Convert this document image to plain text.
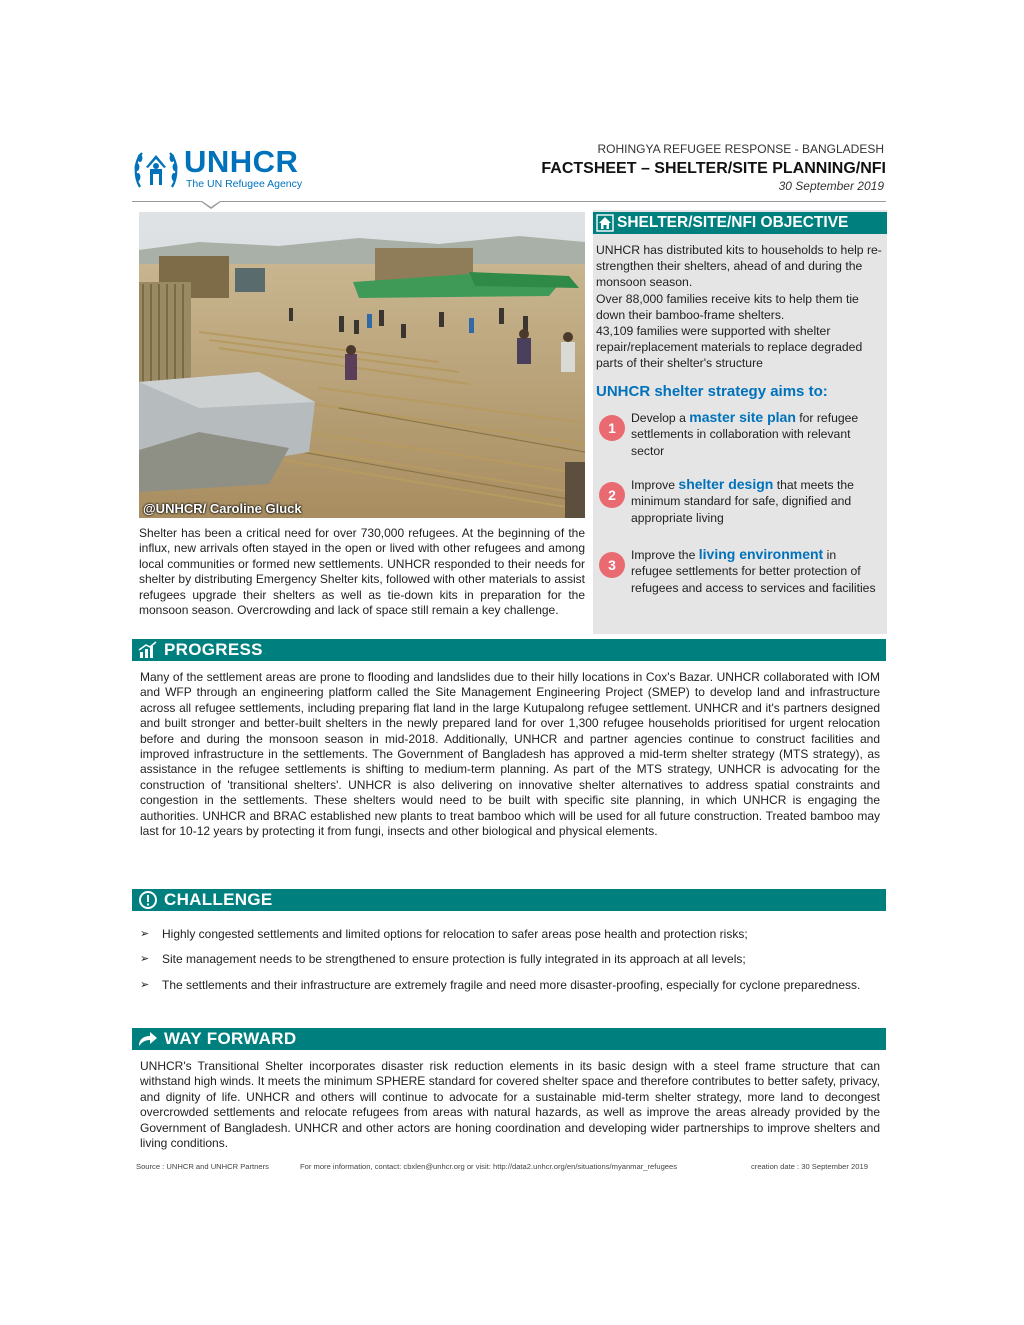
UNHCR
The UN Refugee Agency
ROHINGYA REFUGEE RESPONSE - BANGLADESH
FACTSHEET – SHELTER/SITE PLANNING/NFI
30 September 2019
@UNHCR/ Caroline Gluck

Shelter has been a critical need for over 730,000 refugees. At the beginning of the influx, new arrivals often stayed in the open or lived with other refugees and among local communities or formed new settlements. UNHCR responded to their needs for shelter by distributing Emergency Shelter kits, followed with other materials to assist refugees upgrade their shelters as well as tie-down kits in preparation for the monsoon season. Overcrowding and lack of space still remain a key challenge.

SHELTER/SITE/NFI OBJECTIVE
UNHCR has distributed kits to households to help re-strengthen their shelters, ahead of and during the monsoon season.
Over 88,000 families receive kits to help them tie down their bamboo-frame shelters.
43,109 families were supported with shelter repair/replacement materials to replace degraded parts of their shelter's structure
UNHCR shelter strategy aims to:
1
Develop a master site plan for refugee settlements in collaboration with relevant sector
2
Improve shelter design that meets the minimum standard for safe, dignified and appropriate living
3
Improve the living environment in refugee settlements for better protection of refugees and access to services and facilities
PROGRESS

Many of the settlement areas are prone to flooding and landslides due to their hilly locations in Cox's Bazar. UNHCR collaborated with IOM and WFP through an engineering platform called the Site Management Engineering Project (SMEP) to develop land and infrastructure across all refugee settlements, including preparing flat land in the large Kutupalong refugee settlement. UNHCR and it's partners designed and built stronger and better-built shelters in the newly prepared land for over 1,300 refugee households prioritised for urgent relocation before and during the monsoon season in mid-2018. Additionally, UNHCR and partner agencies continue to construct facilities and improved infrastructure in the settlements. The Government of Bangladesh has approved a mid-term shelter strategy (MTS strategy), as assistance in the refugee settlements is shifting to medium-term planning. As part of the MTS strategy, UNHCR is advocating for the construction of 'transitional shelters'. UNHCR is also delivering on innovative shelter alternatives to address spatial constraints and congestion in the settlements. These shelters would need to be built with specific site planning, in which UNHCR is engaging the authorities. UNHCR and BRAC established new plants to treat bamboo which will be used for all future construction. Treated bamboo may last for 10-12 years by protecting it from fungi, insects and other biological and physical elements.

CHALLENGE
➢ Highly congested settlements and limited options for relocation to safer areas pose health and protection risks;
➢ Site management needs to be strengthened to ensure protection is fully integrated in its approach at all levels;
➢ The settlements and their infrastructure are extremely fragile and need more disaster-proofing, especially for cyclone preparedness.
WAY FORWARD

UNHCR's Transitional Shelter incorporates disaster risk reduction elements in its basic design with a steel frame structure that can withstand high winds. It meets the minimum SPHERE standard for covered shelter space and therefore contributes to better safety, privacy, and dignity of life. UNHCR and others will continue to advocate for a sustainable mid-term shelter strategy, more land to decongest overcrowded settlements and relocate refugees from areas with natural hazards, as well as improve the areas already provided by the Government of Bangladesh. UNHCR and other actors are honing coordination and developing wider partnerships to improve shelters and living conditions.

Source : UNHCR and UNHCR Partners	For more information, contact: cbxlen@unhcr.org or visit: http://data2.unhcr.org/en/situations/myanmar_refugees	creation date : 30 September 2019
